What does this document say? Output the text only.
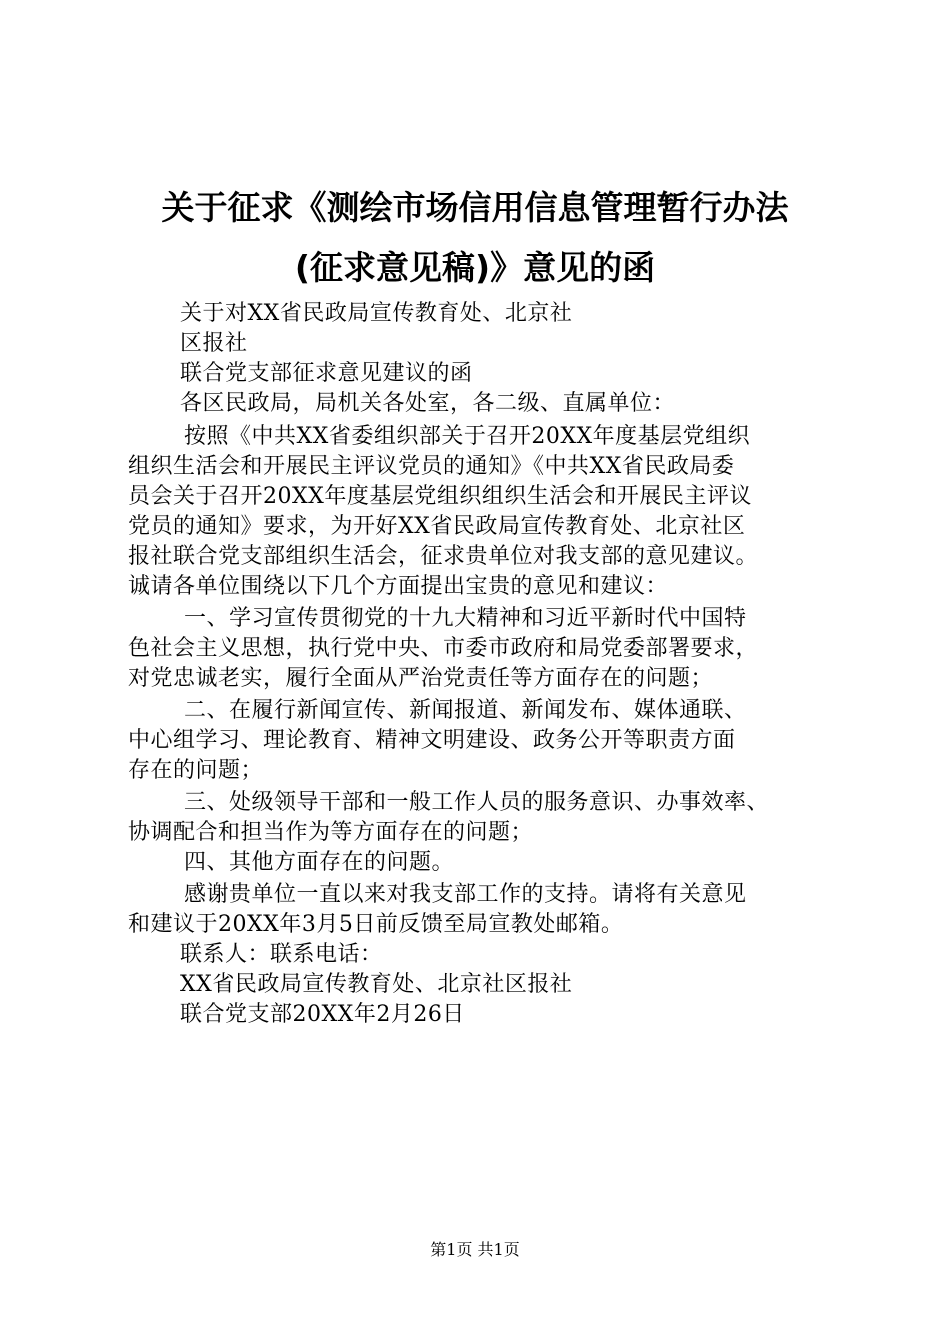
关于征求《测绘市场信用信息管理暂行办法
(征求意见稿)》意见的函
关于对XX省民政局宣传教育处、北京社
区报社
联合党支部征求意见建议的函
各区民政局，局机关各处室，各二级、直属单位：
按照《中共XX省委组织部关于召开20XX年度基层党组织
组织生活会和开展民主评议党员的通知》《中共XX省民政局委
员会关于召开20XX年度基层党组织组织生活会和开展民主评议
党员的通知》要求，为开好XX省民政局宣传教育处、北京社区
报社联合党支部组织生活会，征求贵单位对我支部的意见建议。
诚请各单位围绕以下几个方面提出宝贵的意见和建议：
一、学习宣传贯彻党的十九大精神和习近平新时代中国特
色社会主义思想，执行党中央、市委市政府和局党委部署要求，
对党忠诚老实，履行全面从严治党责任等方面存在的问题；
二、在履行新闻宣传、新闻报道、新闻发布、媒体通联、
中心组学习、理论教育、精神文明建设、政务公开等职责方面
存在的问题；
三、处级领导干部和一般工作人员的服务意识、办事效率、
协调配合和担当作为等方面存在的问题；
四、其他方面存在的问题。
感谢贵单位一直以来对我支部工作的支持。请将有关意见
和建议于20XX年3月5日前反馈至局宣教处邮箱。
联系人：联系电话：
XX省民政局宣传教育处、北京社区报社
联合党支部20XX年2月26日
第1页 共1页
